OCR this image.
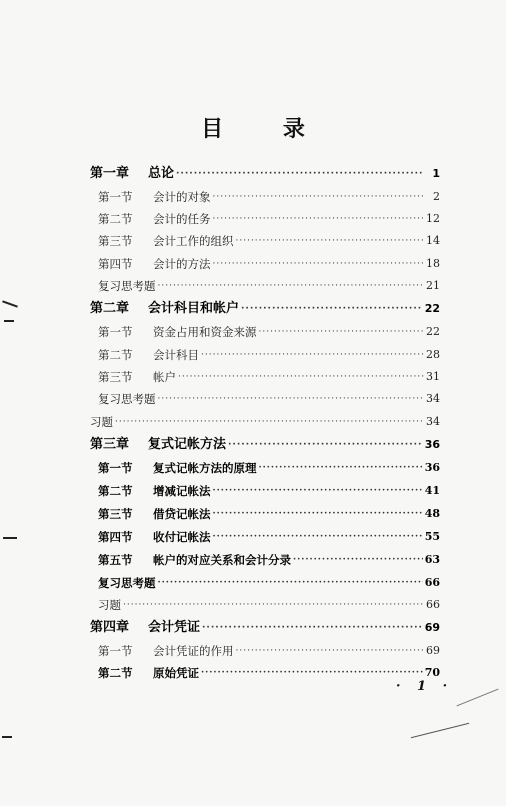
目 录
第一章	总论 ·····	1
第一节	会计的对象 ·····	2
第二节	会计的任务 ·····	12
第三节	会计工作的组织 ·····	14
第四节	会计的方法 ·····	18
复习思考题 ·····	21
第二章	会计科目和帐户 ·····	22
第一节	资金占用和资金来源 ·····	22
第二节	会计科目 ·····	28
第三节	帐户 ·····	31
复习思考题 ·····	34
习题 ·····	34
第三章	复式记帐方法 ·····	36
第一节	复式记帐方法的原理 ·····	36
第二节	增减记帐法 ·····	41
第三节	借贷记帐法 ·····	48
第四节	收付记帐法 ·····	55
第五节	帐户的对应关系和会计分录 ·····	63
复习思考题 ·····	66
习题 ·····	66
第四章	会计凭证 ·····	69
第一节	会计凭证的作用 ·····	69
第二节	原始凭证 ·····	70
· 1 ·
